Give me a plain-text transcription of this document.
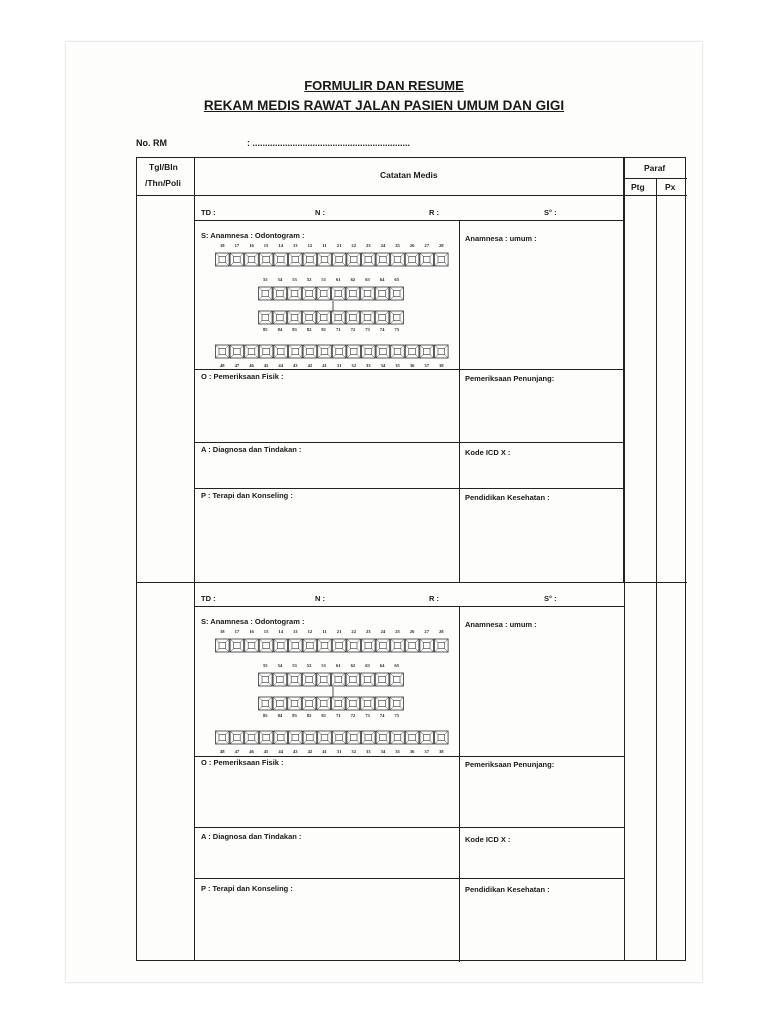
FORMULIR DAN RESUME
REKAM MEDIS RAWAT JALAN PASIEN UMUM DAN GIGI
No. RM	: ...............................................................
Tgl/Bln
/Thn/Poli
Catatan Medis
Paraf
Ptg Px
TD :	N :	R :	S° :
S: Anamnesa : Odontogram :	Anamnesa : umum :
O : Pemeriksaan Fisik :	Pemeriksaan Penunjang:
A : Diagnosa dan Tindakan :	Kode ICD X :
P : Terapi dan Konseling :	Pendidikan Kesehatan :
18 17 16 15 14 13 12 11 21 22 23 24 25 26 27 28
55 54 53 52 51 61 62 63 64 65
85 84 83 82 81 71 72 73 74 75
48 47 46 45 44 43 42 41 31 32 33 34 35 36 37 38
TD :	N :	R :	S° :
S: Anamnesa : Odontogram :	Anamnesa : umum :
O : Pemeriksaan Fisik :	Pemeriksaan Penunjang:
A : Diagnosa dan Tindakan :	Kode ICD X :
P : Terapi dan Konseling :	Pendidikan Kesehatan :
18 17 16 15 14 13 12 11 21 22 23 24 25 26 27 28
55 54 53 52 51 61 62 63 64 65
85 84 83 82 81 71 72 73 74 75
48 47 46 45 44 43 42 41 31 32 33 34 35 36 37 38
